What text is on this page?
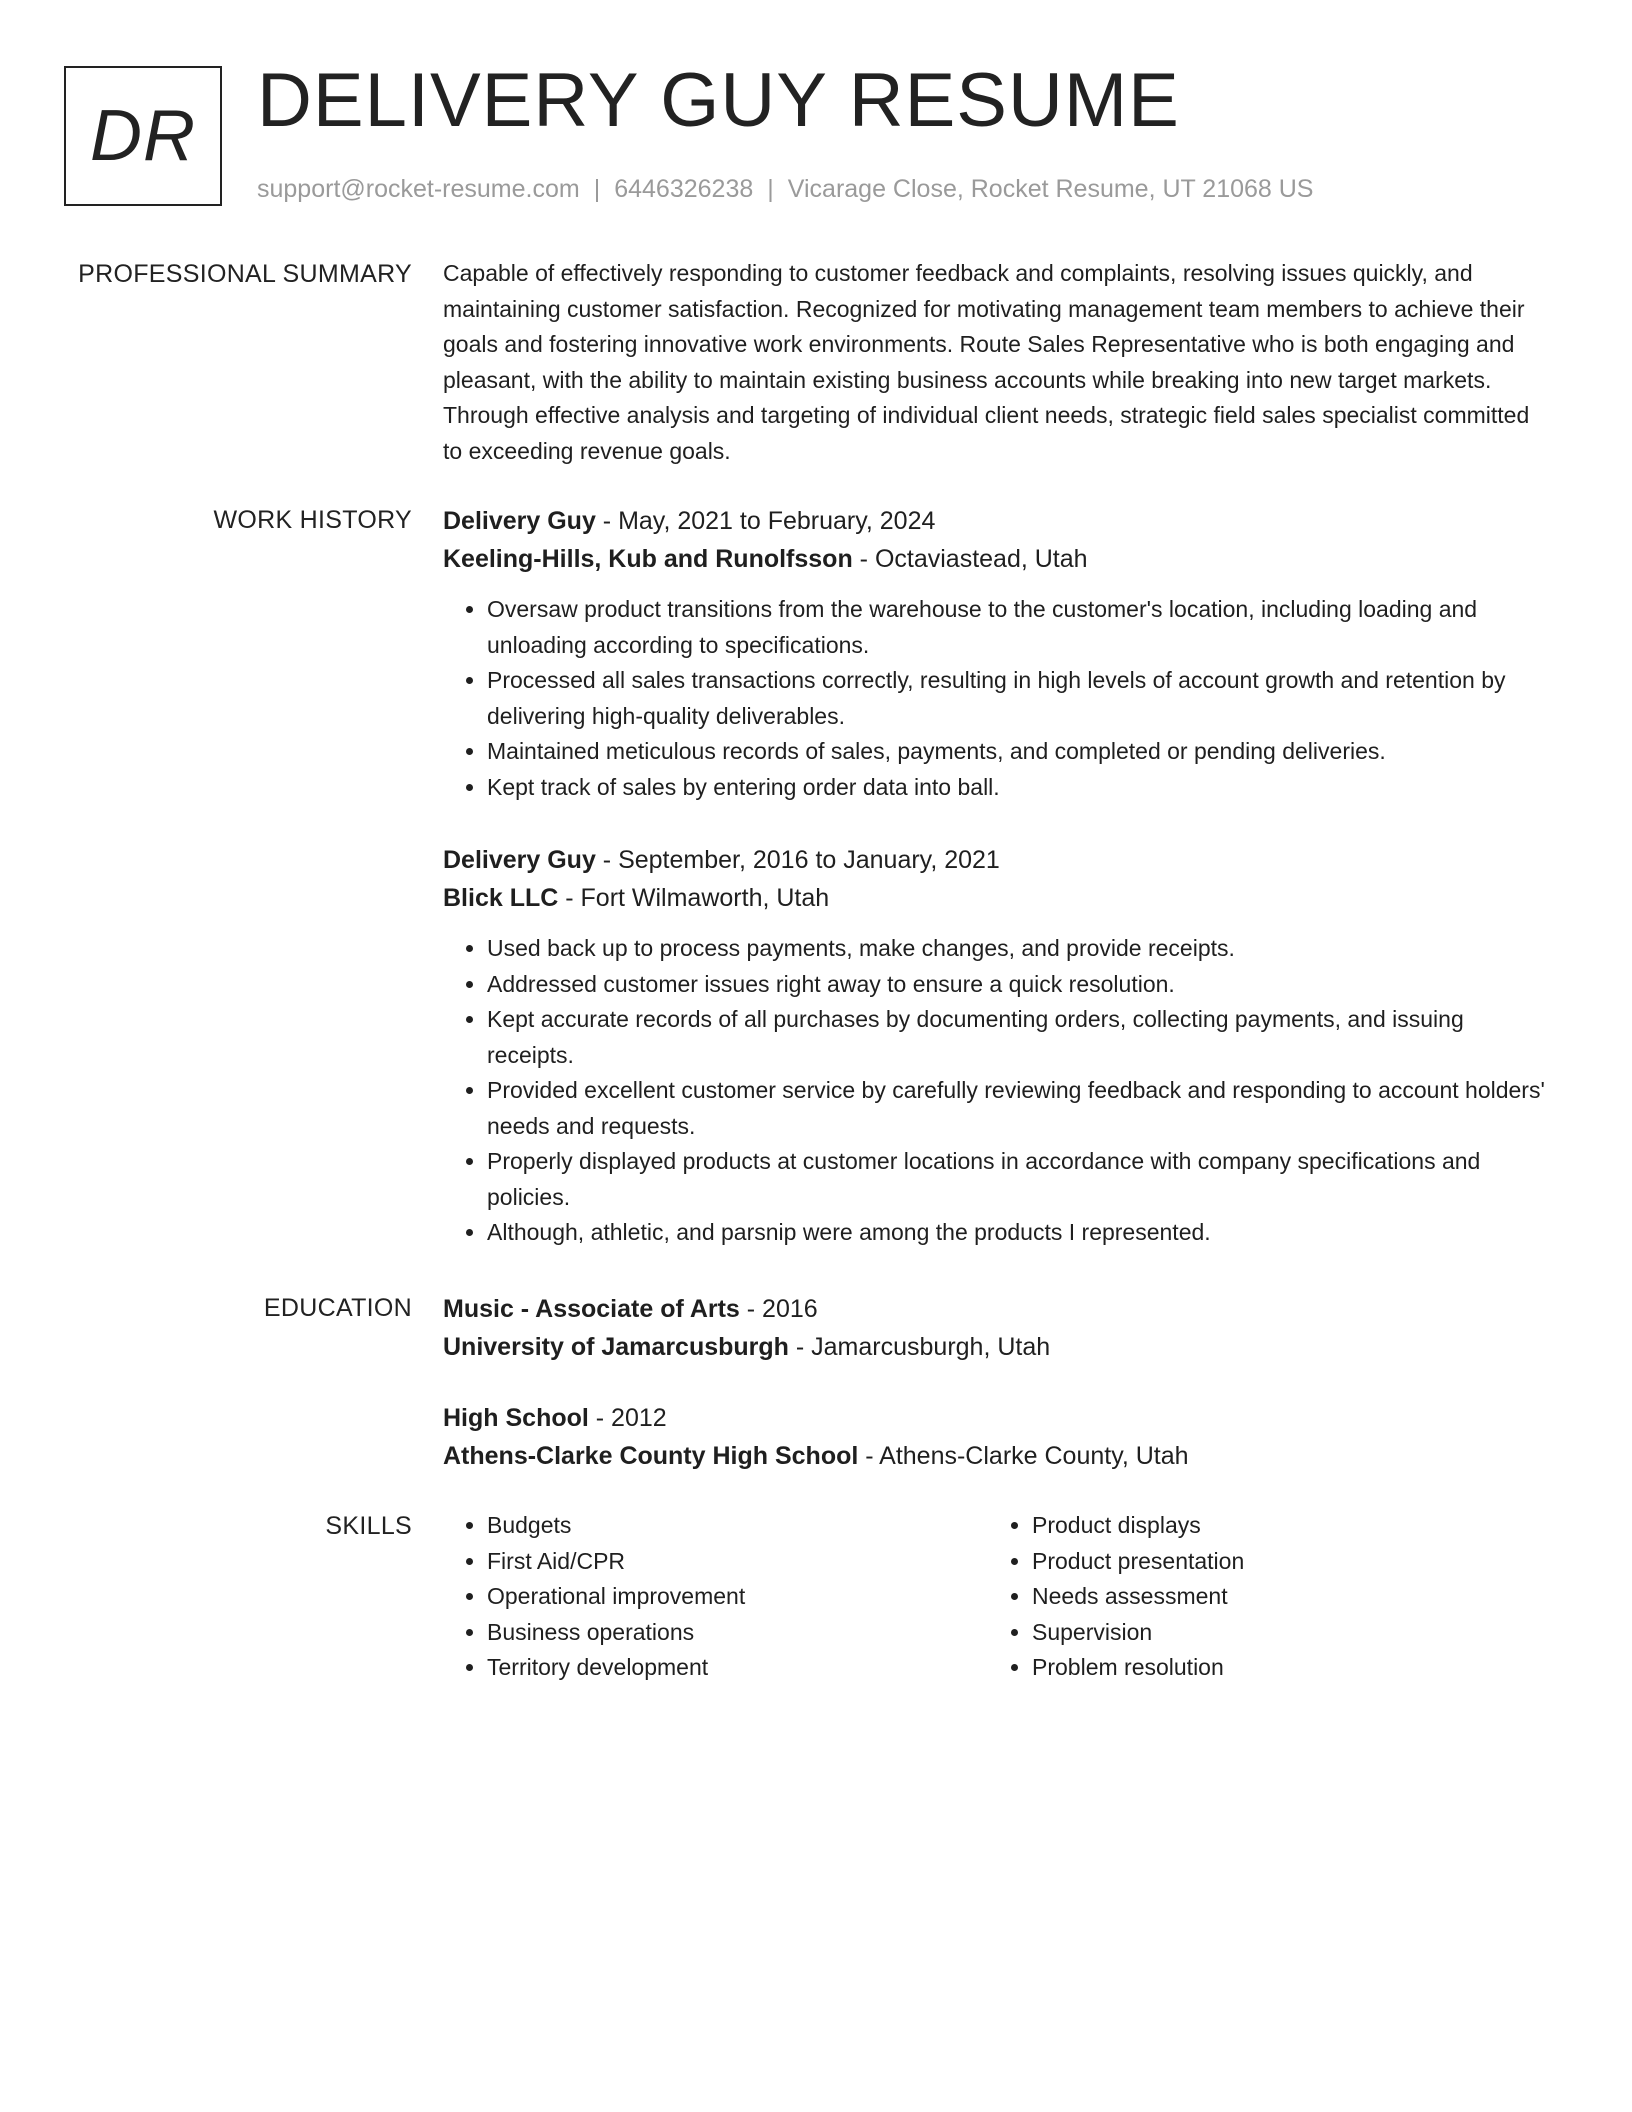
DR DELIVERY GUY RESUME
support@rocket-resume.com | 6446326238 | Vicarage Close, Rocket Resume, UT 21068 US
PROFESSIONAL SUMMARY Capable of effectively responding to customer feedback and complaints, resolving issues quickly, and maintaining customer satisfaction. Recognized for motivating management team members to achieve their goals and fostering innovative work environments. Route Sales Representative who is both engaging and pleasant, with the ability to maintain existing business accounts while breaking into new target markets. Through effective analysis and targeting of individual client needs, strategic field sales specialist committed to exceeding revenue goals.

WORK HISTORY Delivery Guy - May, 2021 to February, 2024
Keeling-Hills, Kub and Runolfsson - Octaviastead, Utah
• Oversaw product transitions from the warehouse to the customer's location, including loading and unloading according to specifications.
• Processed all sales transactions correctly, resulting in high levels of account growth and retention by delivering high-quality deliverables.
• Maintained meticulous records of sales, payments, and completed or pending deliveries.
• Kept track of sales by entering order data into ball.
Delivery Guy - September, 2016 to January, 2021
Blick LLC - Fort Wilmaworth, Utah
• Used back up to process payments, make changes, and provide receipts.
• Addressed customer issues right away to ensure a quick resolution.
• Kept accurate records of all purchases by documenting orders, collecting payments, and issuing receipts.
• Provided excellent customer service by carefully reviewing feedback and responding to account holders' needs and requests.
• Properly displayed products at customer locations in accordance with company specifications and policies.
• Although, athletic, and parsnip were among the products I represented.
EDUCATION Music - Associate of Arts - 2016
University of Jamarcusburgh - Jamarcusburgh, Utah
High School - 2012
Athens-Clarke County High School - Athens-Clarke County, Utah
SKILLS
•	Budgets
• First Aid/CPR
• Operational improvement
• Business operations
• Territory development
• Product displays
• Product presentation
• Needs assessment
• Supervision
• Problem resolution
